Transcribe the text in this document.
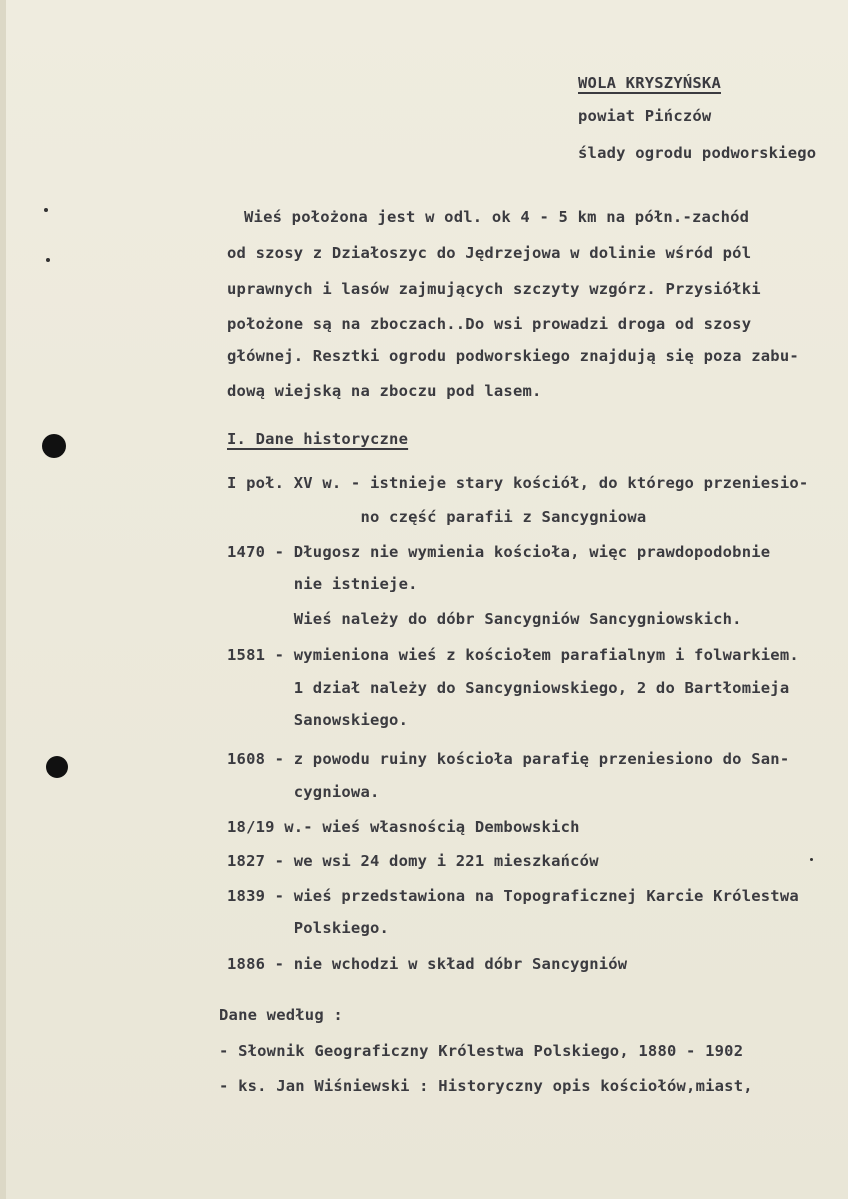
WOLA KRYSZYŃSKA
powiat Pińczów
ślady ogrodu podworskiego
Wieś położona jest w odl. ok 4 - 5 km na półn.-zachód
od szosy z Działoszyc do Jędrzejowa w dolinie wśród pól
uprawnych i lasów zajmujących szczyty wzgórz. Przysiółki
położone są na zboczach..Do wsi prowadzi droga od szosy
głównej. Resztki ogrodu podworskiego znajdują się poza zabu-
dową wiejską na zboczu pod lasem.
I. Dane historyczne
I poł. XV w. - istnieje stary kościół, do którego przeniesio-
no część parafii z Sancygniowa
1470 - Długosz nie wymienia kościoła, więc prawdopodobnie
nie istnieje.
Wieś należy do dóbr Sancygniów Sancygniowskich.
1581 - wymieniona wieś z kościołem parafialnym i folwarkiem.
1 dział należy do Sancygniowskiego, 2 do Bartłomieja
Sanowskiego.
1608 - z powodu ruiny kościoła parafię przeniesiono do San-
cygniowa.
18/19 w.- wieś własnością Dembowskich
1827 - we wsi 24 domy i 221 mieszkańców
1839 - wieś przedstawiona na Topograficznej Karcie Królestwa
Polskiego.
1886 - nie wchodzi w skład dóbr Sancygniów
Dane według :
- Słownik Geograficzny Królestwa Polskiego, 1880 - 1902
- ks. Jan Wiśniewski : Historyczny opis kościołów,miast,
